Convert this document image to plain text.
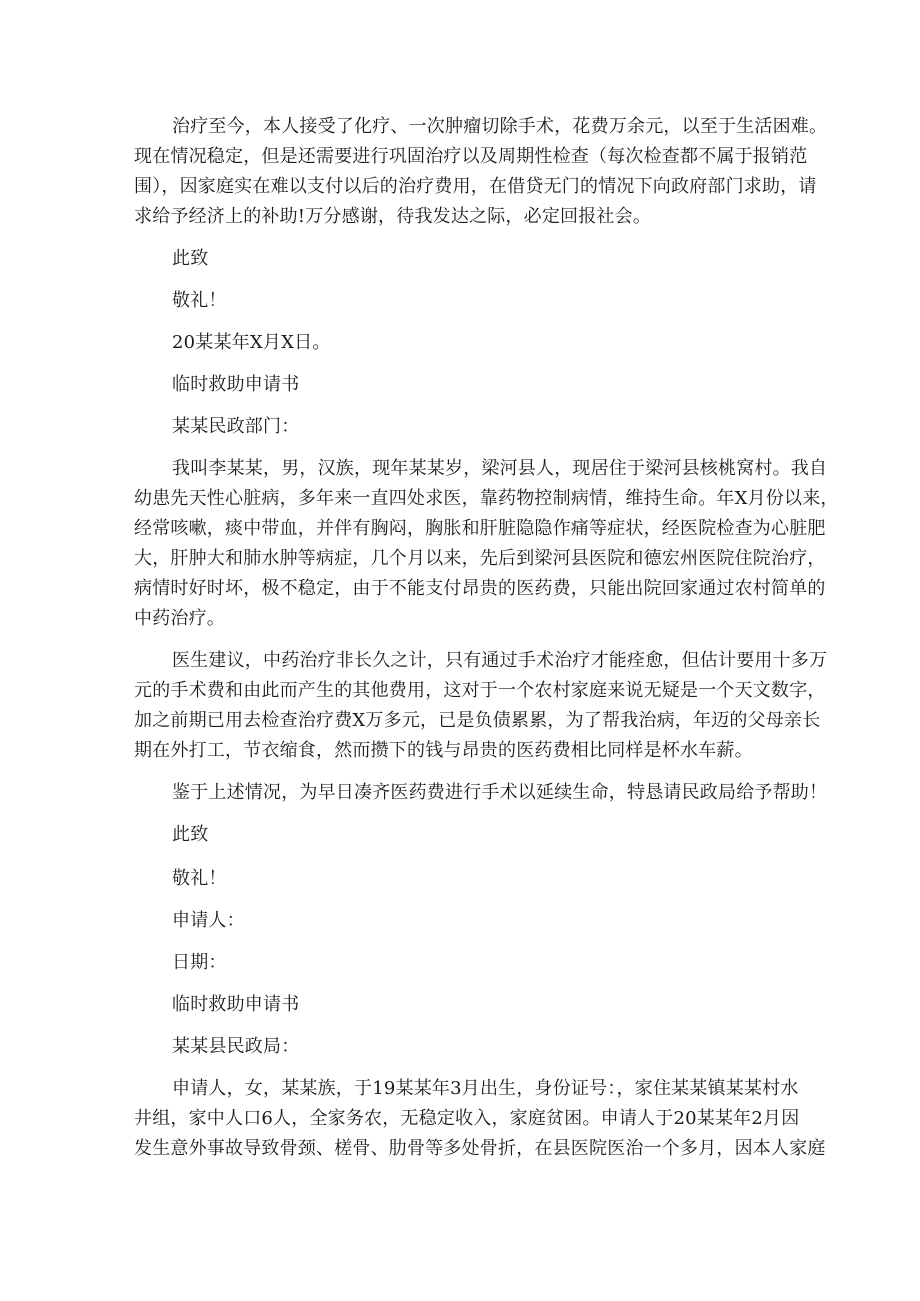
治疗至今，本人接受了化疗、一次肿瘤切除手术，花费万余元，以至于生活困难。
现在情况稳定，但是还需要进行巩固治疗以及周期性检查（每次检查都不属于报销范
围），因家庭实在难以支付以后的治疗费用，在借贷无门的情况下向政府部门求助，请
求给予经济上的补助!万分感谢，待我发达之际，必定回报社会。
此致
敬礼！
20某某年X月X日。
临时救助申请书
某某民政部门：
我叫李某某，男，汉族，现年某某岁，梁河县人，现居住于梁河县核桃窝村。我自
幼患先天性心脏病，多年来一直四处求医，靠药物控制病情，维持生命。年X月份以来，
经常咳嗽，痰中带血，并伴有胸闷，胸胀和肝脏隐隐作痛等症状，经医院检查为心脏肥
大，肝肿大和肺水肿等病症，几个月以来，先后到梁河县医院和德宏州医院住院治疗，
病情时好时坏，极不稳定，由于不能支付昂贵的医药费，只能出院回家通过农村简单的
中药治疗。
医生建议，中药治疗非长久之计，只有通过手术治疗才能痊愈，但估计要用十多万
元的手术费和由此而产生的其他费用，这对于一个农村家庭来说无疑是一个天文数字，
加之前期已用去检查治疗费X万多元，已是负债累累，为了帮我治病，年迈的父母亲长
期在外打工，节衣缩食，然而攒下的钱与昂贵的医药费相比同样是杯水车薪。
鉴于上述情况，为早日凑齐医药费进行手术以延续生命，特恳请民政局给予帮助！
此致
敬礼！
申请人：
日期：
临时救助申请书
某某县民政局：
申请人，女，某某族，于19某某年3月出生，身份证号：，家住某某镇某某村水
井组，家中人口6人，全家务农，无稳定收入，家庭贫困。申请人于20某某年2月因
发生意外事故导致骨颈、槎骨、肋骨等多处骨折，在县医院医治一个多月，因本人家庭
